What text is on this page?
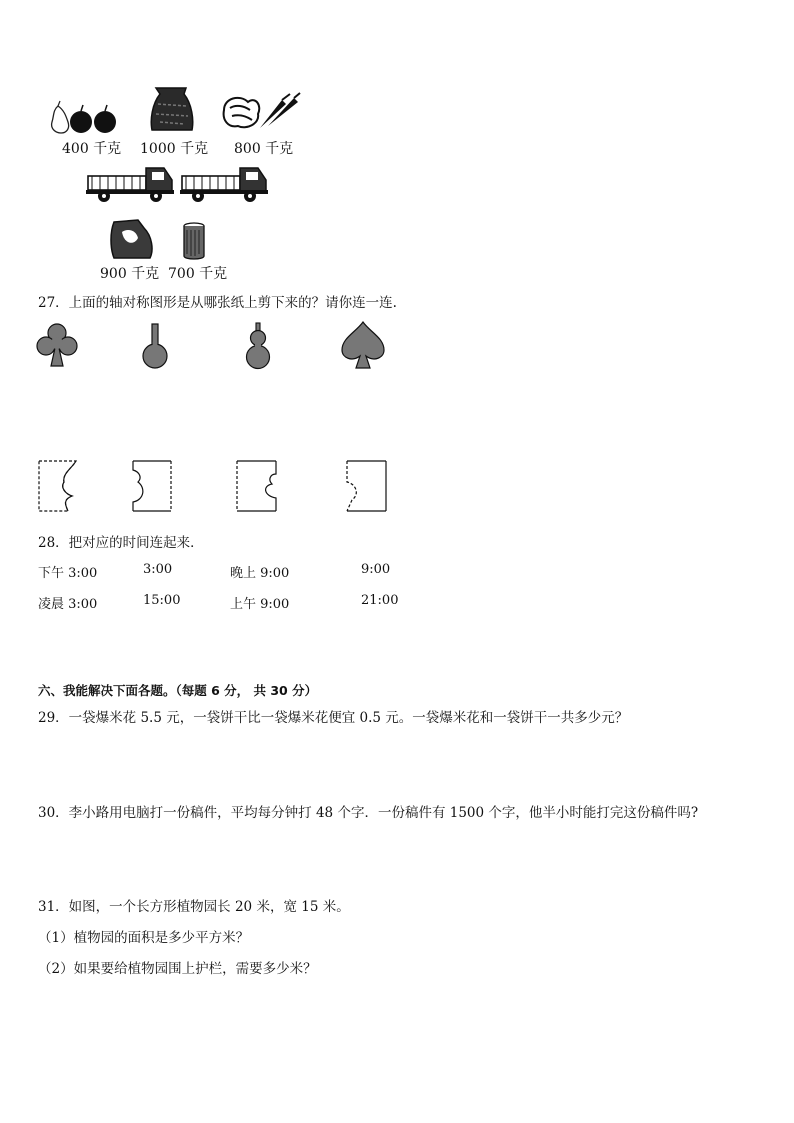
400 千克 1000 千克 800 千克
900 千克 700 千克
27．上面的轴对称图形是从哪张纸上剪下来的？请你连一连.
28．把对应的时间连起来．
下午 3:00	3:00	晚上 9:00	9:00
凌晨 3:00	15:00	上午 9:00	21:00
六、我能解决下面各题。（每题 6 分， 共 30 分）
29．一袋爆米花 5.5 元，一袋饼干比一袋爆米花便宜 0.5 元。一袋爆米花和一袋饼干一共多少元？
30．李小路用电脑打一份稿件，平均每分钟打 48 个字．一份稿件有 1500 个字，他半小时能打完这份稿件吗?
31．如图，一个长方形植物园长 20 米，宽 15 米。
（1）植物园的面积是多少平方米？
（2）如果要给植物园围上护栏，需要多少米？
